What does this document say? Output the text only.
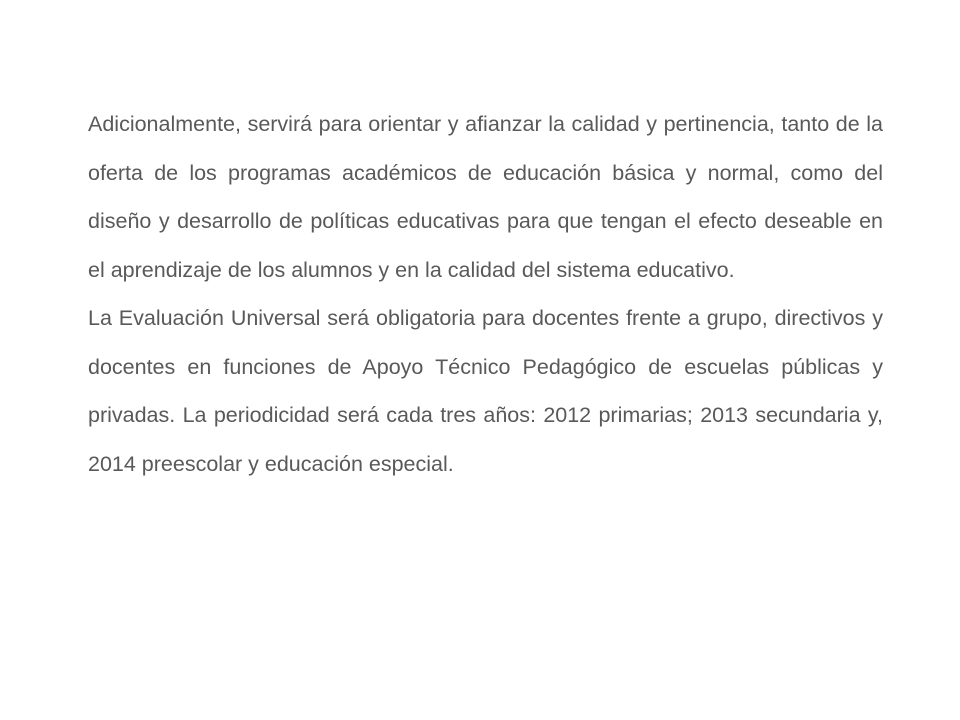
Adicionalmente, servirá para orientar y afianzar la calidad y pertinencia, tanto de la oferta de los programas académicos de educación básica y normal, como del diseño y desarrollo de políticas educativas para que tengan el efecto deseable en el aprendizaje de los alumnos y en la calidad del sistema educativo.

La Evaluación Universal será obligatoria para docentes frente a grupo, directivos y docentes en funciones de Apoyo Técnico Pedagógico de escuelas públicas y privadas. La periodicidad será cada tres años: 2012 primarias; 2013 secundaria y, 2014 preescolar y educación especial.
